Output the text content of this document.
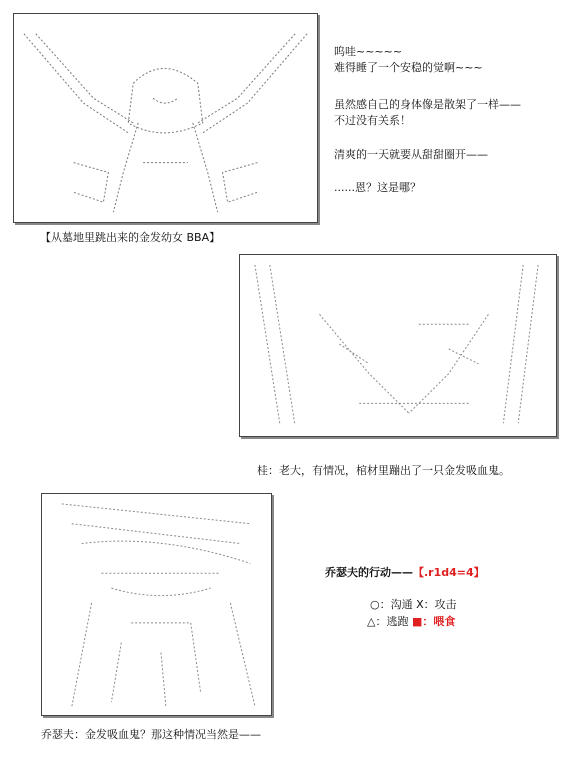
呜哇~~~~~
难得睡了一个安稳的觉啊~~~
虽然感自己的身体像是散架了一样——
不过没有关系！
清爽的一天就要从甜甜圈开——
......恩？这是哪？
【从墓地里跳出来的金发幼女 BBA】
桂：老大，有情况，棺材里蹦出了一只金发吸血鬼。
乔瑟夫的行动——【.r1d4=4】
○：沟通 X：攻击
△：逃跑 ■：喂食
乔瑟夫：金发吸血鬼？那这种情况当然是——
